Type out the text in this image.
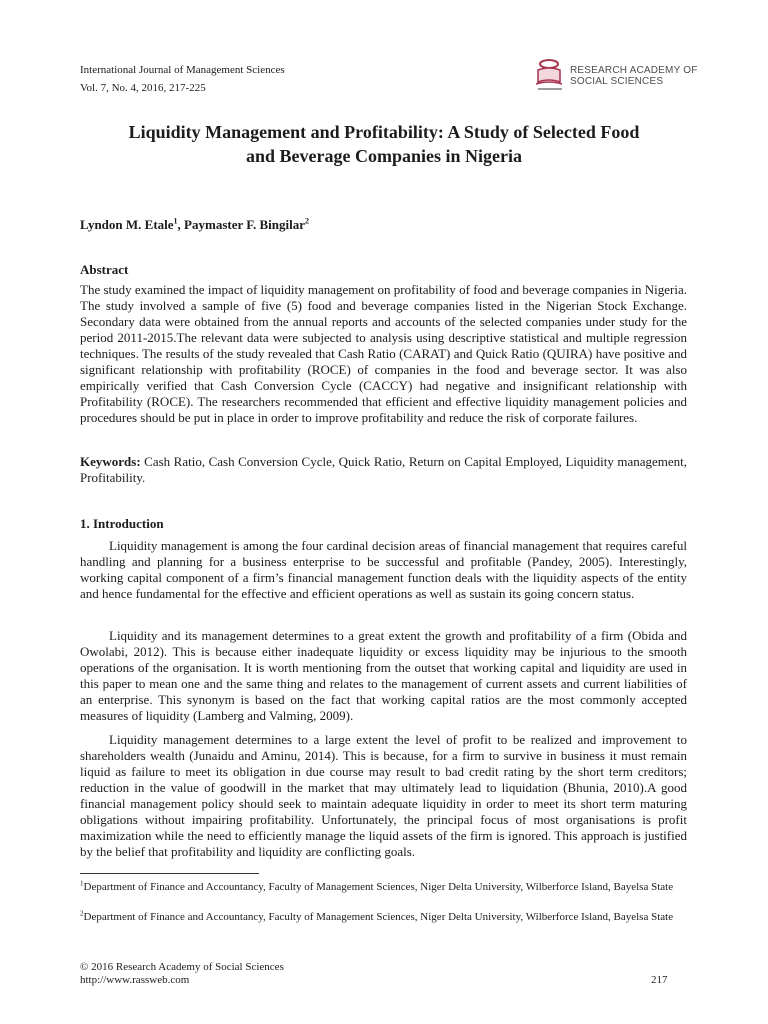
International Journal of Management Sciences
Vol. 7, No. 4, 2016, 217-225
RESEARCH ACADEMY OF
SOCIAL SCIENCES
Liquidity Management and Profitability: A Study of Selected Food
and Beverage Companies in Nigeria
Lyndon M. Etale$^1$, Paymaster F. Bingilar$^2$
Abstract

The study examined the impact of liquidity management on profitability of food and beverage companies in Nigeria. The study involved a sample of five (5) food and beverage companies listed in the Nigerian Stock Exchange. Secondary data were obtained from the annual reports and accounts of the selected companies under study for the period 2011-2015.The relevant data were subjected to analysis using descriptive statistical and multiple regression techniques. The results of the study revealed that Cash Ratio (CARAT) and Quick Ratio (QUIRA) have positive and significant relationship with profitability (ROCE) of companies in the food and beverage sector. It was also empirically verified that Cash Conversion Cycle (CACCY) had negative and insignificant relationship with Profitability (ROCE). The researchers recommended that efficient and effective liquidity management policies and procedures should be put in place in order to improve profitability and reduce the risk of corporate failures.

Keywords: Cash Ratio, Cash Conversion Cycle, Quick Ratio, Return on Capital Employed, Liquidity management, Profitability.

1. Introduction

Liquidity management is among the four cardinal decision areas of financial management that requires careful handling and planning for a business enterprise to be successful and profitable (Pandey, 2005). Interestingly, working capital component of a firm’s financial management function deals with the liquidity aspects of the entity and hence fundamental for the effective and efficient operations as well as sustain its going concern status.

Liquidity and its management determines to a great extent the growth and profitability of a firm (Obida and Owolabi, 2012). This is because either inadequate liquidity or excess liquidity may be injurious to the smooth operations of the organisation. It is worth mentioning from the outset that working capital and liquidity are used in this paper to mean one and the same thing and relates to the management of current assets and current liabilities of an enterprise. This synonym is based on the fact that working capital ratios are the most commonly accepted measures of liquidity (Lamberg and Valming, 2009).

Liquidity management determines to a large extent the level of profit to be realized and improvement to shareholders wealth (Junaidu and Aminu, 2014). This is because, for a firm to survive in business it must remain liquid as failure to meet its obligation in due course may result to bad credit rating by the short term creditors; reduction in the value of goodwill in the market that may ultimately lead to liquidation (Bhunia, 2010).A good financial management policy should seek to maintain adequate liquidity in order to meet its short term maturing obligations without impairing profitability. Unfortunately, the principal focus of most organisations is profit maximization while the need to efficiently manage the liquid assets of the firm is ignored. This approach is justified by the belief that profitability and liquidity are conflicting goals.

$^1$Department of Finance and Accountancy, Faculty of Management Sciences, Niger Delta University, Wilberforce Island, Bayelsa State

$^2$Department of Finance and Accountancy, Faculty of Management Sciences, Niger Delta University, Wilberforce Island, Bayelsa State

© 2016 Research Academy of Social Sciences
http://www.rassweb.com	217
